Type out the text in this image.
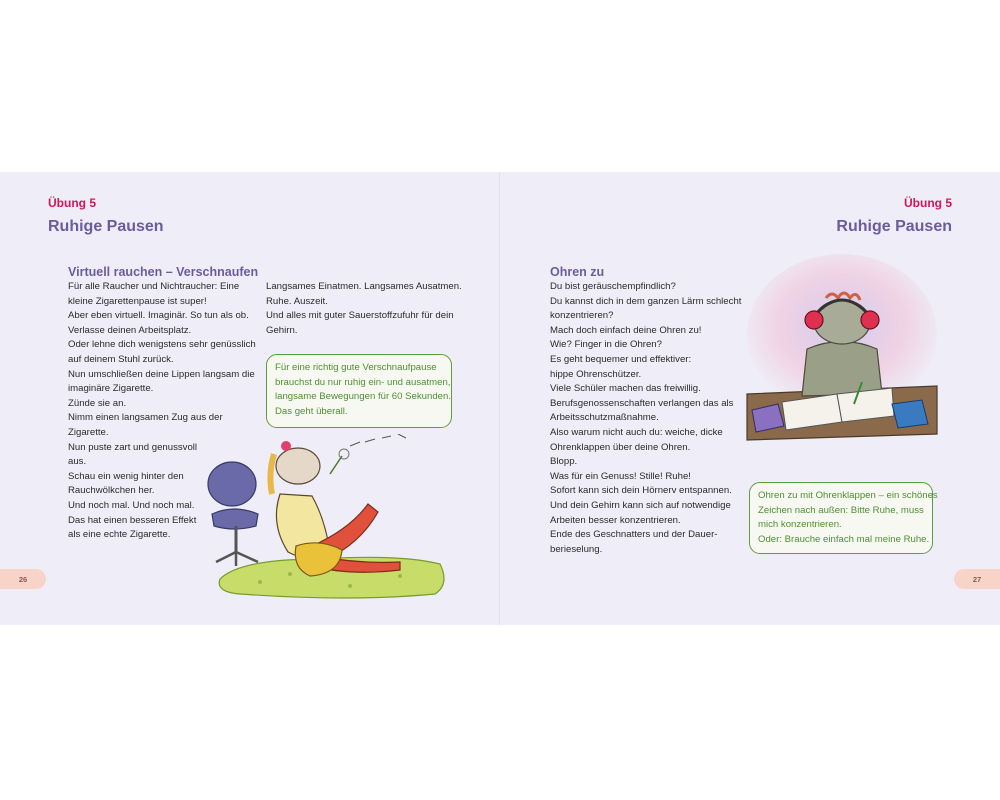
Übung 5
Ruhige Pausen
Virtuell rauchen – Verschnaufen
Für alle Raucher und Nichtraucher: Eine
kleine Zigarettenpause ist super!
Aber eben virtuell. Imaginär. So tun als ob.
Verlasse deinen Arbeitsplatz.
Oder lehne dich wenigstens sehr genüsslich
auf deinem Stuhl zurück.
Nun umschließen deine Lippen langsam die
imaginäre Zigarette.
Zünde sie an.
Nimm einen langsamen Zug aus der
Zigarette.
Nun puste zart und genussvoll
aus.
Schau ein wenig hinter den
Rauchwölkchen her.
Und noch mal. Und noch mal.
Das hat einen besseren Effekt
als eine echte Zigarette.
Langsames Einatmen. Langsames Ausatmen.
Ruhe. Auszeit.
Und alles mit guter Sauerstoffzufuhr für dein
Gehirn.
Für eine richtig gute Verschnaufpause
brauchst du nur ruhig ein- und ausatmen,
langsame Bewegungen für 60 Sekunden.
Das geht überall.
26
Übung 5
Ruhige Pausen
Ohren zu
Du bist geräuschempfindlich?
Du kannst dich in dem ganzen Lärm schlecht
konzentrieren?
Mach doch einfach deine Ohren zu!
Wie? Finger in die Ohren?
Es geht bequemer und effektiver:
hippe Ohrenschützer.
Viele Schüler machen das freiwillig.
Berufsgenossenschaften verlangen das als
Arbeitsschutzmaßnahme.
Also warum nicht auch du: weiche, dicke
Ohrenklappen über deine Ohren.
Blopp.
Was für ein Genuss! Stille! Ruhe!
Sofort kann sich dein Hörnerv entspannen.
Und dein Gehirn kann sich auf notwendige
Arbeiten besser konzentrieren.
Ende des Geschnatters und der Dauer-
berieselung.
Ohren zu mit Ohrenklappen – ein schönes
Zeichen nach außen: Bitte Ruhe, muss
mich konzentrieren.
Oder: Brauche einfach mal meine Ruhe.
27
